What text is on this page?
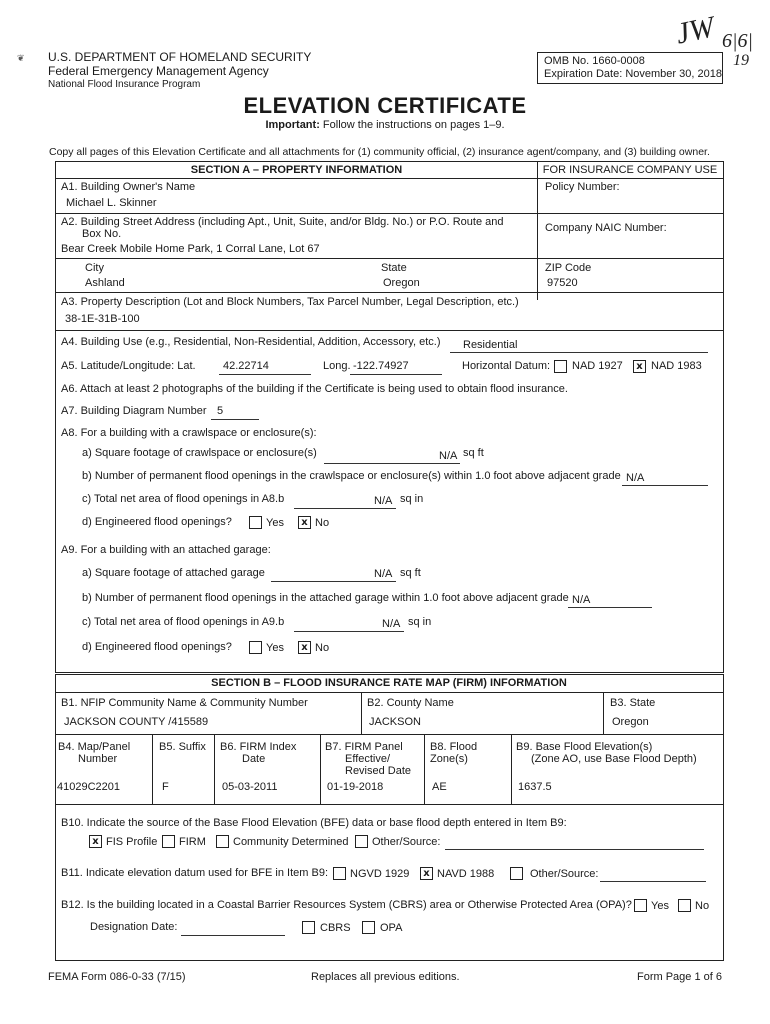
JW 6|6|
19
❦ U.S. DEPARTMENT OF HOMELAND SECURITY
Federal Emergency Management Agency
National Flood Insurance Program
OMB No. 1660-0008
Expiration Date: November 30, 2018
ELEVATION CERTIFICATE
Important: Follow the instructions on pages 1–9.
Copy all pages of this Elevation Certificate and all attachments for (1) community official, (2) insurance agent/company, and (3) building owner.
SECTION A – PROPERTY INFORMATION	FOR INSURANCE COMPANY USE
A1. Building Owner's Name
Michael L. Skinner
Policy Number:
A2. Building Street Address (including Apt., Unit, Suite, and/or Bldg. No.) or P.O. Route and
Box No.
Bear Creek Mobile Home Park, 1 Corral Lane, Lot 67
Company NAIC Number:
City
Ashland
State
Oregon
ZIP Code
97520
A3. Property Description (Lot and Block Numbers, Tax Parcel Number, Legal Description, etc.)
38-1E-31B-100
A4. Building Use (e.g., Residential, Non-Residential, Addition, Accessory, etc.) Residential
A5. Latitude/Longitude: Lat. 42.22714	Long. -122.74927	Horizontal Datum: NAD 1927	x NAD 1983
A6. Attach at least 2 photographs of the building if the Certificate is being used to obtain flood insurance.
A7. Building Diagram Number 5
A8. For a building with a crawlspace or enclosure(s):
a) Square footage of crawlspace or enclosure(s)	N/A sq ft
b) Number of permanent flood openings in the crawlspace or enclosure(s) within 1.0 foot above adjacent grade N/A
c) Total net area of flood openings in A8.b	N/A sq in
d) Engineered flood openings?	Yes	x No
A9. For a building with an attached garage:
a) Square footage of attached garage	N/A sq ft
b) Number of permanent flood openings in the attached garage within 1.0 foot above adjacent grade N/A
c) Total net area of flood openings in A9.b	N/A sq in
d) Engineered flood openings?	Yes	x No
SECTION B – FLOOD INSURANCE RATE MAP (FIRM) INFORMATION
B1. NFIP Community Name & Community Number
JACKSON COUNTY /415589
B2. County Name
JACKSON
B3. State
Oregon
B4. Map/Panel
Number
41029C2201
B5. Suffix
F
B6. FIRM Index
Date
05-03-2011
B7. FIRM Panel
Effective/
Revised Date
01-19-2018
B8. Flood
Zone(s)
AE
B9. Base Flood Elevation(s)
(Zone AO, use Base Flood Depth)
1637.5
B10. Indicate the source of the Base Flood Elevation (BFE) data or base flood depth entered in Item B9:
x FIS Profile FIRM Community Determined Other/Source:
B11. Indicate elevation datum used for BFE in Item B9: NGVD 1929	x NAVD 1988	Other/Source:
B12. Is the building located in a Coastal Barrier Resources System (CBRS) area or Otherwise Protected Area (OPA)? Yes No
Designation Date:	CBRS	OPA
FEMA Form 086-0-33 (7/15)	Replaces all previous editions.	Form Page 1 of 6
